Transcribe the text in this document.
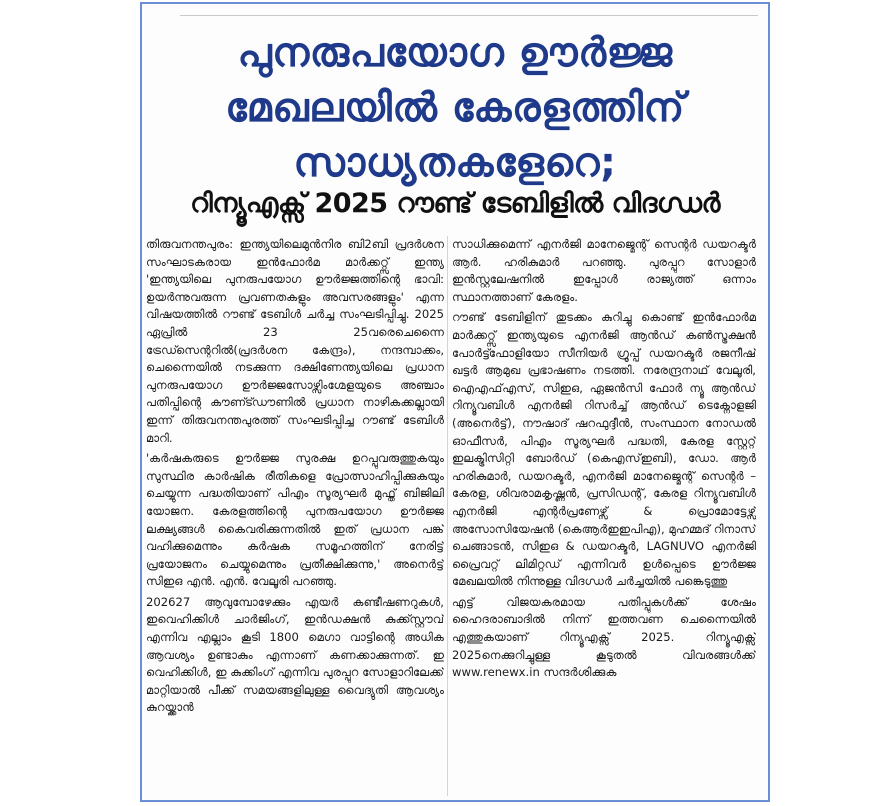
പുനരുപയോഗ ഊർജ്ജ മേഖലയിൽ കേരളത്തിന് സാധ്യതകളേറെ;
റിന്യൂഎക്സ് 2025 റൗണ്ട് ടേബിളിൽ വിദഗ്ധർ

തിരുവനന്തപുരം: ഇന്ത്യയിലെമുൻനിര ബി2ബി പ്രദർശന സംഘാടകരായ ഇൻഫോർമ മാർക്കറ്റ്സ് ഇന്ത്യ 'ഇന്ത്യയിലെ പുനരുപയോഗ ഊർജ്ജത്തിന്റെ ഭാവി: ഉയർന്നുവരുന്ന പ്രവണതകളും അവസരങ്ങളും' എന്ന വിഷയത്തിൽ റൗണ്ട് ടേബിൾ ചർച്ച സംഘടിപ്പിച്ചു. 2025 ഏപ്രിൽ 23 25വരെചെന്നൈ ട്രേഡ്സെന്ററിൽ(പ്രദർശന കേന്ദ്രം), നന്ദമ്പാക്കം, ചെന്നൈയിൽ നടക്കുന്ന ദക്ഷിണേന്ത്യയിലെ പ്രധാന പുനരുപയോഗ ഊർജ്ജസോഴ്സിംഗ്മേളയുടെ അഞ്ചാം പതിപ്പിന്റെ കൗണ്ട്ഡൗണിൽ പ്രധാന നാഴികക്കല്ലായി ഇന്ന് തിരുവനന്തപുരത്ത് സംഘടിപ്പിച്ച റൗണ്ട് ടേബിൾ മാറി.

'കർഷകരുടെ ഊർജ്ജ സുരക്ഷ ഉറപ്പുവരുത്തുകയും സുസ്ഥിര കാർഷിക രീതികളെ പ്രോത്സാഹിപ്പിക്കുകയും ചെയ്യുന്ന പദ്ധതിയാണ് പിഎം സൂര്യഘർ മുഫ്ത് ബിജിലി യോജന. കേരളത്തിന്റെ പുനരുപയോഗ ഊർജ്ജ ലക്ഷ്യങ്ങൾ കൈവരിക്കുന്നതിൽ ഇത് പ്രധാന പങ്ക് വഹിക്കുമെന്നും കർഷക സമൂഹത്തിന് നേരിട്ട് പ്രയോജനം ചെയ്യുമെന്നും പ്രതീക്ഷിക്കുന്നു,' അനെർട്ട് സിഇഒ എൻ. എൻ. വേലൂരി പറഞ്ഞു.

202627 ആവുമ്പോഴേക്കും എയർ കണ്ടീഷണറുകൾ, ഇവെഹിക്കിൾ ചാർജിംഗ്, ഇൻഡക്ഷൻ കുക്ക്സ്റ്റൗവ് എന്നിവ എല്ലാം കൂടി 1800 മെഗാ വാട്ടിന്റെ അധിക ആവശ്യം ഉണ്ടാകും എന്നാണ് കണക്കാക്കുന്നത്. ഇ വെഹിക്കിൾ, ഇ കുക്കിംഗ് എന്നിവ പുരപ്പുറ സോളാറിലേക്ക് മാറ്റിയാൽ പീക്ക് സമയങ്ങളിലുള്ള വൈദ്യുതി ആവശ്യം കുറയ്ക്കാൻ

സാധിക്കുമെന്ന് എനർജി മാനേജ്മെന്റ് സെന്റർ ഡയറക്ടർ ആർ. ഹരികുമാർ പറഞ്ഞു. പുരപ്പുറ സോളാർ ഇൻസ്റ്റലേഷനിൽ ഇപ്പോൾ രാജ്യത്ത് ഒന്നാം സ്ഥാനത്താണ് കേരളം.

റൗണ്ട് ടേബിളിന് തുടക്കം കുറിച്ചു കൊണ്ട് ഇൻഫോർമ മാർക്കറ്റ്സ് ഇന്ത്യയുടെ എനർജി ആൻഡ് കൺസ്ട്രക്ഷൻ പോർട്ട്ഫോളിയോ സീനിയർ ഗ്രൂപ്പ് ഡയറക്ടർ രജനീഷ് ഖട്ടർ ആമുഖ പ്രഭാഷണം നടത്തി. നരേന്ദ്രനാഥ് വേലൂരി, ഐഎഫ്എസ്, സിഇഒ, ഏജൻസി ഫോർ ന്യൂ ആൻഡ് റിന്യൂവബിൾ എനർജി റിസർച്ച് ആൻഡ് ടെക്നോളജി (അനെർട്ട്), നൗഷാദ് ഷറഫുദ്ദീൻ, സംസ്ഥാന നോഡൽ ഓഫീസർ, പിഎം സൂര്യഘർ പദ്ധതി, കേരള സ്റ്റേറ്റ് ഇലക്ട്രിസിറ്റി ബോർഡ് (കെഎസ്ഇബി), ഡോ. ആർ ഹരികുമാർ, ഡയറക്ടർ, എനർജി മാനേജ്മെന്റ് സെന്റർ – കേരള, ശിവരാമകൃഷ്ണൻ, പ്രസിഡന്റ്, കേരള റിന്യൂവബിൾ എനർജി എന്റർപ്രണേഴ്സ് & പ്രൊമോട്ടേഴ്സ് അസോസിയേഷൻ (കെആർഇഇപിഎ), മുഹമ്മദ് റിനാസ് ചെങ്ങാടൻ, സിഇഒ & ഡയറക്ടർ, LAGNUVO എനർജി പ്രൈവറ്റ് ലിമിറ്റഡ് എന്നിവർ ഉൾപ്പെടെ ഊർജ്ജ മേഖലയിൽ നിന്നുള്ള വിദഗ്ധർ ചർച്ചയിൽ പങ്കെടുത്തു

എട്ട് വിജയകരമായ പതിപ്പുകൾക്ക് ശേഷം ഹൈദരാബാദിൽ നിന്ന് ഇത്തവണ ചെന്നൈയിൽ എത്തുകയാണ് റിന്യൂഎക്സ് 2025. റിന്യൂഎക്സ് 2025നെക്കുറിച്ചുള്ള കൂടുതൽ വിവരങ്ങൾക്ക് www.renewx.in സന്ദർശിക്കുക
